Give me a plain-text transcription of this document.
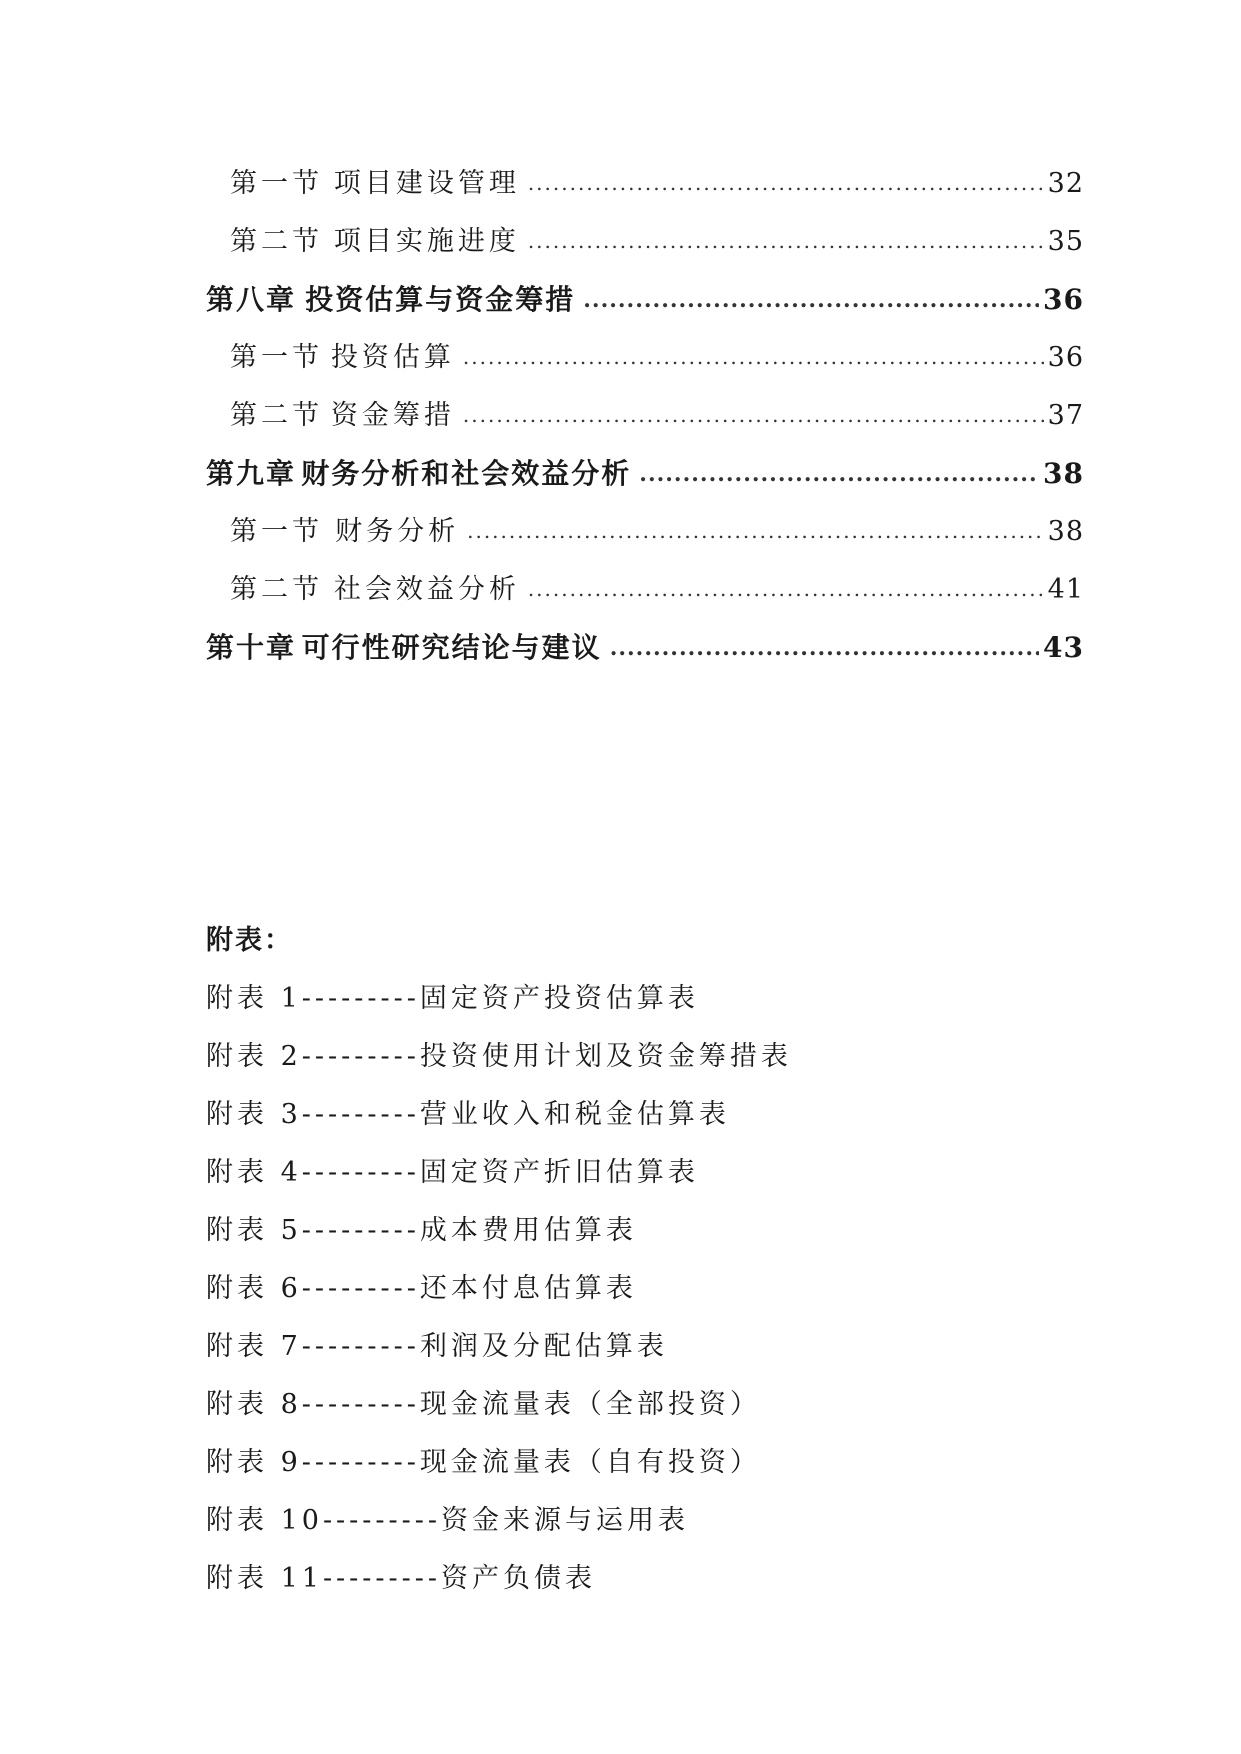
第一节 项目建设管理 .....	32
第二节 项目实施进度 .....	35
第八章 投资估算与资金筹措 .....	36
第一节 投资估算 .....	36
第二节 资金筹措 .....	37
第九章 财务分析和社会效益分析 .....	38
第一节 财务分析 .....	38
第二节 社会效益分析 .....	41
第十章 可行性研究结论与建议 .....	43
附表：
附表 1---------固定资产投资估算表
附表 2---------投资使用计划及资金筹措表
附表 3---------营业收入和税金估算表
附表 4---------固定资产折旧估算表
附表 5---------成本费用估算表
附表 6---------还本付息估算表
附表 7---------利润及分配估算表
附表 8---------现金流量表（全部投资）
附表 9---------现金流量表（自有投资）
附表 10---------资金来源与运用表
附表 11---------资产负债表
